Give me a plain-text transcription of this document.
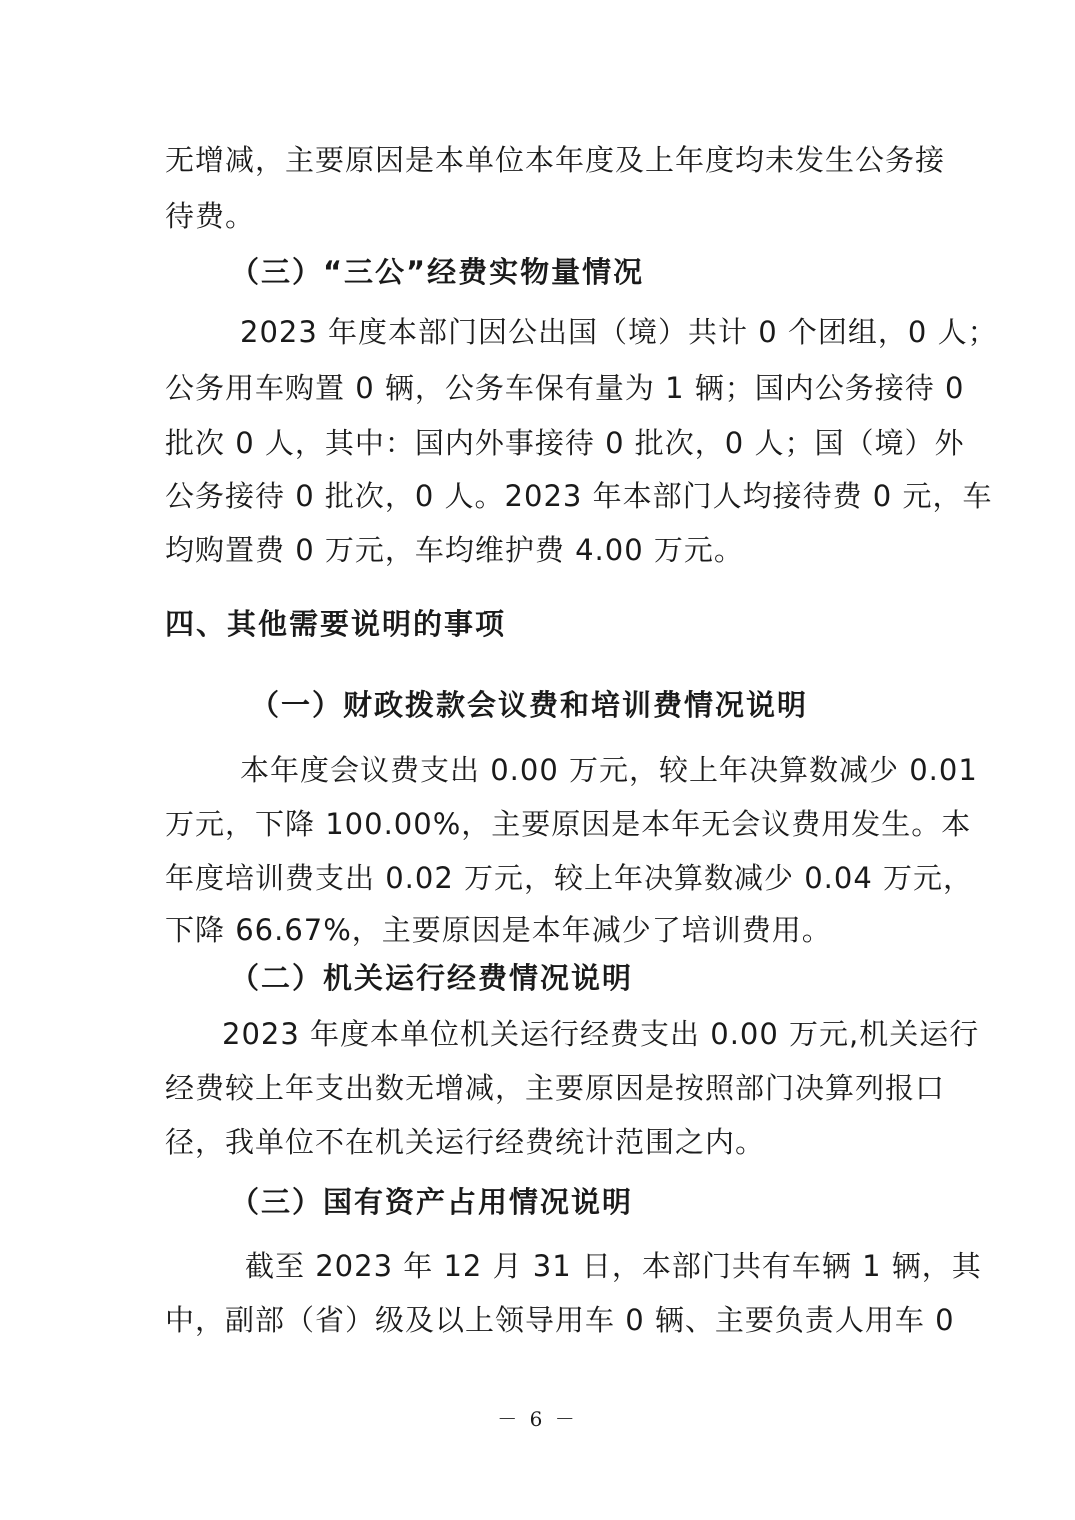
无增减，主要原因是本单位本年度及上年度均未发生公务接
待费。
（三）“三公”经费实物量情况
2023 年度本部门因公出国（境）共计 0 个团组，0 人；
公务用车购置 0 辆，公务车保有量为 1 辆；国内公务接待 0
批次 0 人，其中：国内外事接待 0 批次，0 人；国（境）外
公务接待 0 批次，0 人。2023 年本部门人均接待费 0 元，车
均购置费 0 万元，车均维护费 4.00 万元。
四、其他需要说明的事项
（一）财政拨款会议费和培训费情况说明
本年度会议费支出 0.00 万元，较上年决算数减少 0.01
万元，下降 100.00%，主要原因是本年无会议费用发生。本
年度培训费支出 0.02 万元，较上年决算数减少 0.04 万元，
下降 66.67%，主要原因是本年减少了培训费用。
（二）机关运行经费情况说明
2023 年度本单位机关运行经费支出 0.00 万元,机关运行
经费较上年支出数无增减，主要原因是按照部门决算列报口
径，我单位不在机关运行经费统计范围之内。
（三）国有资产占用情况说明
截至 2023 年 12 月 31 日，本部门共有车辆 1 辆，其
中，副部（省）级及以上领导用车 0 辆、主要负责人用车 0
－ 6 －
